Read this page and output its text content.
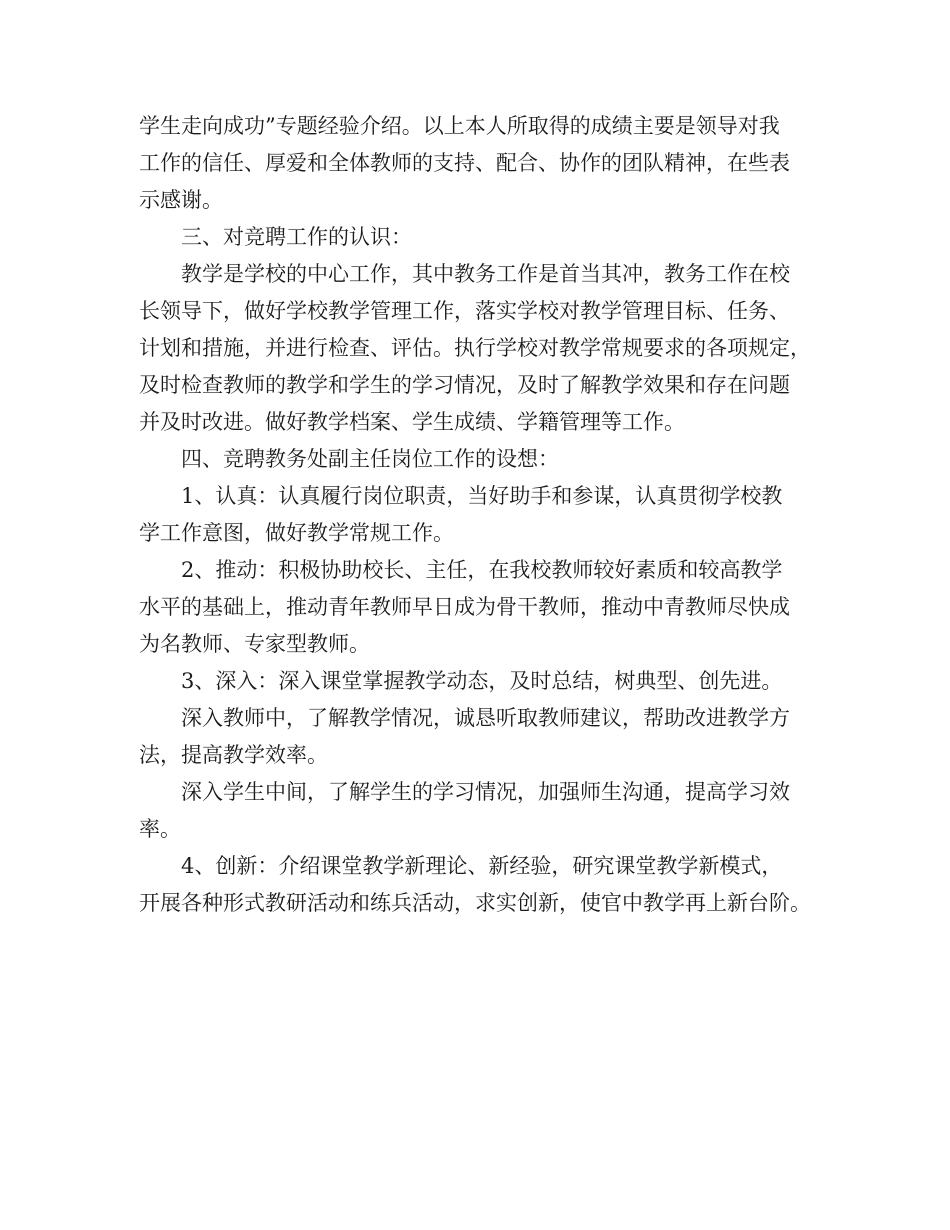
学生走向成功”专题经验介绍。以上本人所取得的成绩主要是领导对我
工作的信任、厚爱和全体教师的支持、配合、协作的团队精神，在些表
示感谢。
三、对竞聘工作的认识：
教学是学校的中心工作，其中教务工作是首当其冲，教务工作在校
长领导下，做好学校教学管理工作，落实学校对教学管理目标、任务、
计划和措施，并进行检查、评估。执行学校对教学常规要求的各项规定，
及时检查教师的教学和学生的学习情况，及时了解教学效果和存在问题
并及时改进。做好教学档案、学生成绩、学籍管理等工作。
四、竞聘教务处副主任岗位工作的设想：
1、认真：认真履行岗位职责，当好助手和参谋，认真贯彻学校教
学工作意图，做好教学常规工作。
2、推动：积极协助校长、主任，在我校教师较好素质和较高教学
水平的基础上，推动青年教师早日成为骨干教师，推动中青教师尽快成
为名教师、专家型教师。
3、深入：深入课堂掌握教学动态，及时总结，树典型、创先进。
深入教师中，了解教学情况，诚恳听取教师建议，帮助改进教学方
法，提高教学效率。
深入学生中间，了解学生的学习情况，加强师生沟通，提高学习效
率。
4、创新：介绍课堂教学新理论、新经验，研究课堂教学新模式，
开展各种形式教研活动和练兵活动，求实创新，使官中教学再上新台阶。
